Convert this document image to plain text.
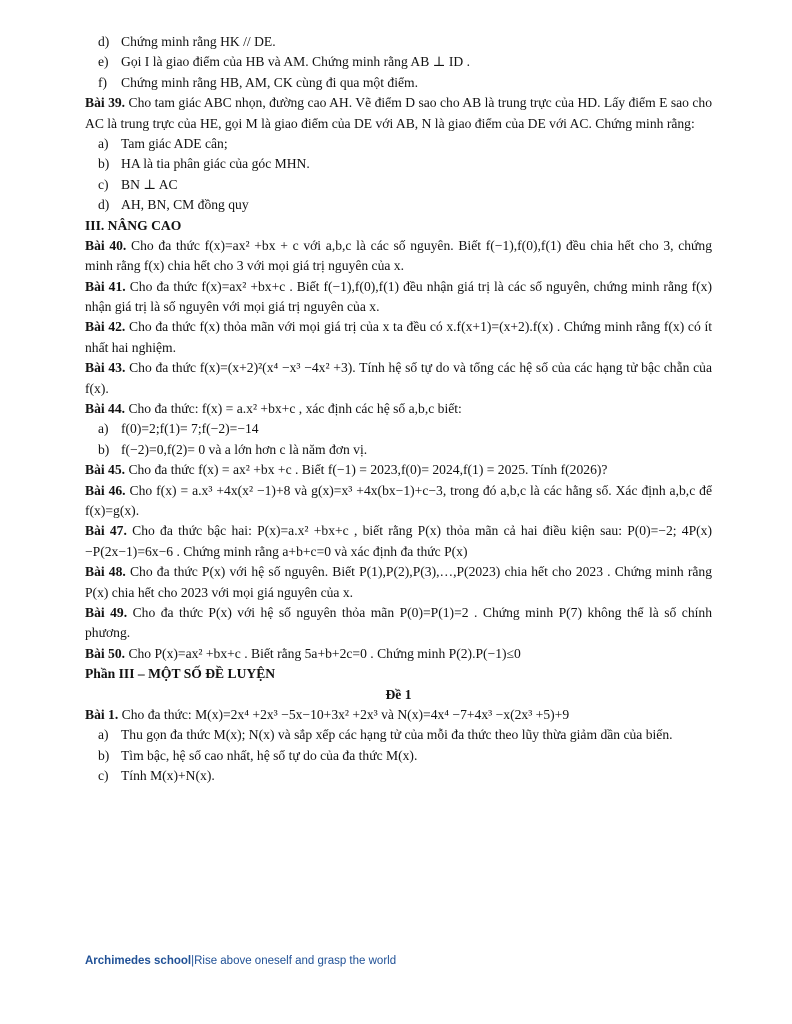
d) Chứng minh rằng HK // DE.
e) Gọi I là giao điểm của HB và AM. Chứng minh rằng AB ⊥ ID .
f)	Chứng minh rằng HB, AM, CK cùng đi qua một điểm.

Bài 39. Cho tam giác ABC nhọn, đường cao AH. Vẽ điểm D sao cho AB là trung trực của HD. Lấy điểm E sao cho AC là trung trực của HE, gọi M là giao điểm của DE với AB, N là giao điểm của DE với AC. Chứng minh rằng:

a) Tam giác ADE cân;
b) HA là tia phân giác của góc MHN.
c) BN ⊥ AC
d) AH, BN, CM đồng quy

III. NÂNG CAO

Bài 40. Cho đa thức f(x)=ax² +bx + c với a,b,c là các số nguyên. Biết f(−1),f(0),f(1) đều chia hết cho 3, chứng minh rằng f(x) chia hết cho 3 với mọi giá trị nguyên của x.

Bài 41. Cho đa thức f(x)=ax² +bx+c . Biết f(−1),f(0),f(1) đều nhận giá trị là các số nguyên, chứng minh rằng f(x) nhận giá trị là số nguyên với mọi giá trị nguyên của x.

Bài 42. Cho đa thức f(x) thỏa mãn với mọi giá trị của x ta đều có x.f(x+1)=(x+2).f(x) . Chứng minh rằng f(x) có ít nhất hai nghiệm.

Bài 43. Cho đa thức f(x)=(x+2)²(x⁴ −x³ −4x² +3). Tính hệ số tự do và tổng các hệ số của các hạng tử bậc chẵn của f(x).

Bài 44. Cho đa thức: f(x) = a.x² +bx+c , xác định các hệ số a,b,c biết:

a) f(0)=2;f(1)= 7;f(−2)=−14
b) f(−2)=0,f(2)= 0 và a lớn hơn c là năm đơn vị.

Bài 45. Cho đa thức f(x) = ax² +bx +c . Biết f(−1) = 2023,f(0)= 2024,f(1) = 2025. Tính f(2026)?

Bài 46. Cho f(x) = a.x³ +4x(x² −1)+8 và g(x)=x³ +4x(bx−1)+c−3, trong đó a,b,c là các hằng số. Xác định a,b,c để f(x)=g(x).

Bài 47. Cho đa thức bậc hai: P(x)=a.x² +bx+c , biết rằng P(x) thỏa mãn cả hai điều kiện sau: P(0)=−2; 4P(x)−P(2x−1)=6x−6 . Chứng minh rằng a+b+c=0 và xác định đa thức P(x)

Bài 48. Cho đa thức P(x) với hệ số nguyên. Biết P(1),P(2),P(3),…,P(2023) chia hết cho 2023 . Chứng minh rằng P(x) chia hết cho 2023 với mọi giá nguyên của x.

Bài 49. Cho đa thức P(x) với hệ số nguyên thỏa mãn P(0)=P(1)=2 . Chứng minh P(7) không thể là số chính phương.

Bài 50. Cho P(x)=ax² +bx+c . Biết rằng 5a+b+2c=0 . Chứng minh P(2).P(−1)≤0

Phần III – MỘT SỐ ĐỀ LUYỆN

Đề 1

Bài 1. Cho đa thức: M(x)=2x⁴ +2x³ −5x−10+3x² +2x³ và N(x)=4x⁴ −7+4x³ −x(2x³ +5)+9

a) Thu gọn đa thức M(x); N(x) và sắp xếp các hạng tử của mỗi đa thức theo lũy thừa giảm dần của biến.
b) Tìm bậc, hệ số cao nhất, hệ số tự do của đa thức M(x).
c) Tính M(x)+N(x).
Archimedes school|Rise above oneself and grasp the world
